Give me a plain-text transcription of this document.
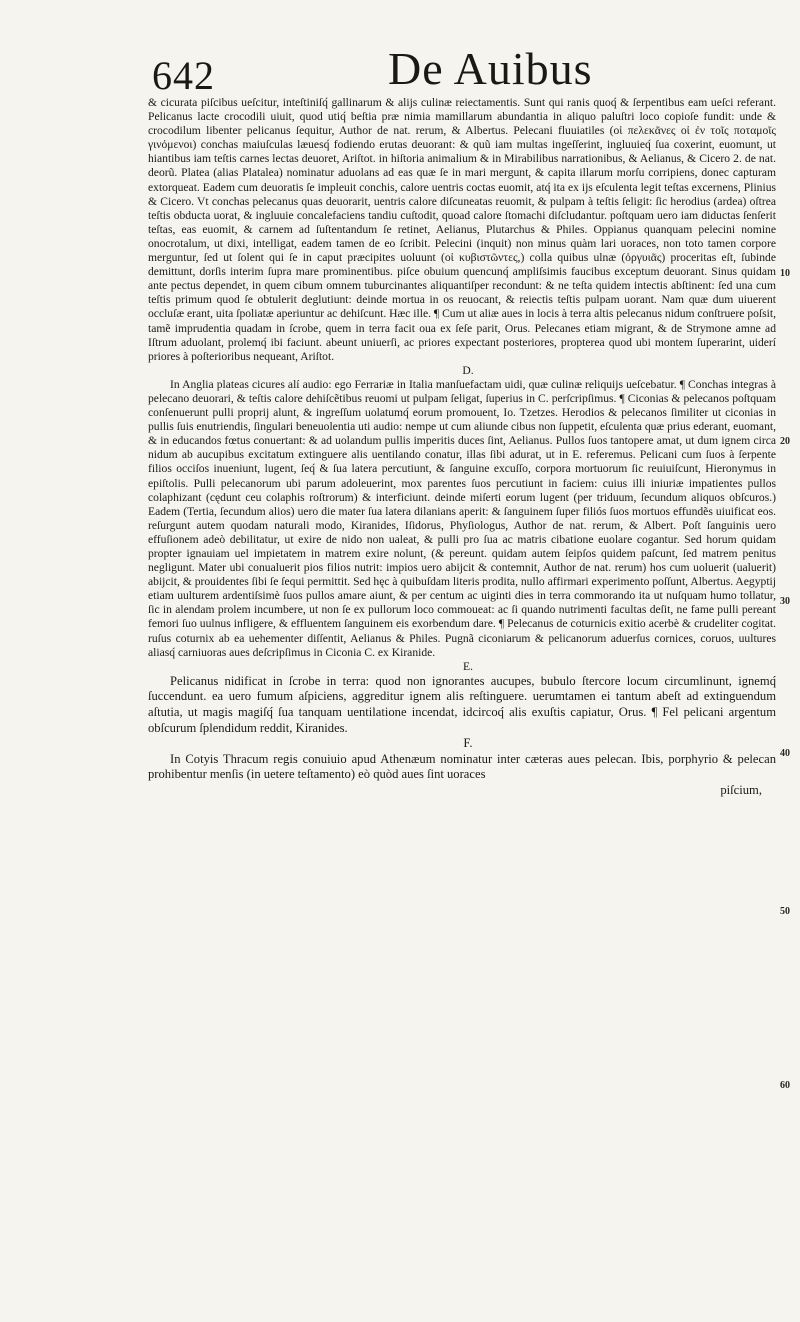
642	De Auibus
10
20
30
40
50
60

& cicurata piſcibus ueſcitur, inteſtiniſq́ gallinarum & alijs culinæ reiectamentis. Sunt qui ranis quoq́ & ſerpentibus eam ueſci referant. Pelicanus lacte crocodili uiuit, quod utiq́ beſtia præ nimia mamillarum abundantia in aliquo paluſtri loco copioſe fundit: unde & crocodilum libenter pelicanus ſequitur, Author de nat. rerum, & Albertus. Pelecani fluuiatiles (οἱ πελεκᾶνες οἱ ἐν τοῖς ποταμοῖς γινόμενοι) conchas maiuſculas læuesq́ fodiendo erutas deuorant: & quũ iam multas ingeſſerint, ingluuieq́ ſua coxerint, euomunt, ut hiantibus iam teſtis carnes lectas deuoret, Ariſtot. in hiſtoria animalium & in Mirabilibus narrationibus, & Aelianus, & Cicero 2. de nat. deorũ. Platea (alias Platalea) nominatur aduolans ad eas quæ ſe in mari mergunt, & capita illarum morſu corripiens, donec capturam extorqueat. Eadem cum deuoratis ſe impleuit conchis, calore uentris coctas euomit, atq́ ita ex ijs eſculenta legit teſtas excernens, Plinius & Cicero. Vt conchas pelecanus quas deuorarit, uentris calore diſcuneatas reuomit, & pulpam à teſtis ſeligit: ſic herodius (ardea) oſtrea teſtis obducta uorat, & ingluuie concalefaciens tandiu cuſtodit, quoad calore ſtomachi diſcludantur. poſtquam uero iam diductas ſenſerit teſtas, eas euomit, & carnem ad ſuſtentandum ſe retinet, Aelianus, Plutarchus & Philes. Oppianus quanquam pelecini nomine onocrotalum, ut dixi, intelligat, eadem tamen de eo ſcribit. Pelecini (inquit) non minus quàm lari uoraces, non toto tamen corpore merguntur, ſed ut ſolent qui ſe in caput præcipites uoluunt (οἱ κυβιστῶντες,) colla quibus ulnæ (ὀργυιᾶς) proceritas eſt, ſubinde demittunt, dorſis interim ſupra mare prominentibus. piſce obuium quencunq́ ampliſsimis faucibus exceptum deuorant. Sinus quidam ante pectus dependet, in quem cibum omnem tuburcinantes aliquantiſper recondunt: & ne teſta quidem intectis abſtinent: ſed una cum teſtis primum quod ſe obtulerit deglutiunt: deinde mortua in os reuocant, & reiectis teſtis pulpam uorant. Nam quæ dum uiuerent occluſæ erant, uita ſpoliatæ aperiuntur ac dehiſcunt. Hæc ille. ¶ Cum ut aliæ aues in locis à terra altis pelecanus nidum conſtruere poſsit, tamẽ imprudentia quadam in ſcrobe, quem in terra facit oua ex ſeſe parit, Orus. Pelecanes etiam migrant, & de Strymone amne ad Iſtrum aduolant, prolemq́ ibi faciunt. abeunt uniuerſi, ac priores expectant posteriores, propterea quod ubi montem ſuperarint, uiderí priores à poſterioribus nequeant, Ariſtot.

D.

In Anglia plateas cicures alí audio: ego Ferrariæ in Italia manſuefactam uidi, quæ culinæ reliquijs ueſcebatur. ¶ Conchas integras à pelecano deuorari, & teſtis calore dehiſcẽtibus reuomi ut pulpam ſeligat, ſuperius in C. perſcripſimus. ¶ Ciconias & pelecanos poſtquam conſenuerunt pulli proprij alunt, & ingreſſum uolatumq́ eorum promouent, Io. Tzetzes. Herodios & pelecanos ſimiliter ut ciconias in pullis ſuis enutriendis, ſingulari beneuolentia uti audio: nempe ut cum aliunde cibus non ſuppetit, eſculenta quæ prius ederant, euomant, & in educandos fœtus conuertant: & ad uolandum pullis imperitis duces ſint, Aelianus. Pullos ſuos tantopere amat, ut dum ignem circa nidum ab aucupibus excitatum extinguere alis uentilando conatur, illas ſibi adurat, ut in E. referemus. Pelicani cum ſuos à ſerpente filios occiſos inueniunt, lugent, ſeq́ & ſua latera percutiunt, & ſanguine excuſſo, corpora mortuorum ſic reuiuiſcunt, Hieronymus in epiſtolis. Pulli pelecanorum ubi parum adoleuerint, mox parentes ſuos percutiunt in faciem: cuius illi iniuriæ impatientes pullos colaphizant (cędunt ceu colaphis roſtrorum) & interficiunt. deinde miſerti eorum lugent (per triduum, ſecundum aliquos obſcuros.) Eadem (Tertia, ſecundum alios) uero die mater ſua latera dilanians aperit: & ſanguinem ſuper filiós ſuos mortuos effundẽs uiuificat eos. reſurgunt autem quodam naturali modo, Kiranides, Iſidorus, Phyſiologus, Author de nat. rerum, & Albert. Poſt ſanguinis uero effuſionem adeò debilitatur, ut exire de nido non ualeat, & pulli pro ſua ac matris cibatione euolare cogantur. Sed horum quidam propter ignauiam uel impietatem in matrem exire nolunt, (& pereunt. quidam autem ſeipſos quidem paſcunt, ſed matrem penitus negligunt. Mater ubi conualuerit pios filios nutrit: impios uero abijcit & contemnit, Author de nat. rerum) hos cum uoluerit (ualuerit) abijcit, & prouidentes ſibi ſe ſequi permittit. Sed hęc à quibuſdam literis prodita, nullo affirmari experimento poſſunt, Albertus. Aegyptij etiam uulturem ardentiſsimè ſuos pullos amare aiunt, & per centum ac uiginti dies in terra commorando ita ut nuſquam humo tollatur, ſic in alendam prolem incumbere, ut non ſe ex pullorum loco commoueat: ac ſi quando nutrimenti facultas deſit, ne fame pulli pereant femori ſuo uulnus infligere, & effluentem ſanguinem eis exorbendum dare. ¶ Pelecanus de coturnicis exitio acerbè & crudeliter cogitat. ruſus coturnix ab ea uehementer diſſentit, Aelianus & Philes. Pugnã ciconiarum & pelicanorum aduerſus cornices, coruos, uultures aliasq́ carniuoras aues deſcripſimus in Ciconia C. ex Kiranide.

E.

Pelicanus nidificat in ſcrobe in terra: quod non ignorantes aucupes, bubulo ſtercore locum circumlinunt, ignemq́ ſuccendunt. ea uero fumum aſpiciens, aggreditur ignem alis reſtinguere. uerumtamen ei tantum abeſt ad extinguendum aſtutia, ut magis magiſq́ ſua tanquam uentilatione incendat, idcircoq́ alis exuſtis capiatur, Orus. ¶ Fel pelicani argentum obſcurum ſplendidum reddit, Kiranides.

F.

In Cotyis Thracum regis conuiuio apud Athenæum nominatur inter cæteras aues pelecan. Ibis, porphyrio & pelecan prohibentur menſis (in uetere teſtamento) eò quòd aues ſint uoraces

piſcium,
